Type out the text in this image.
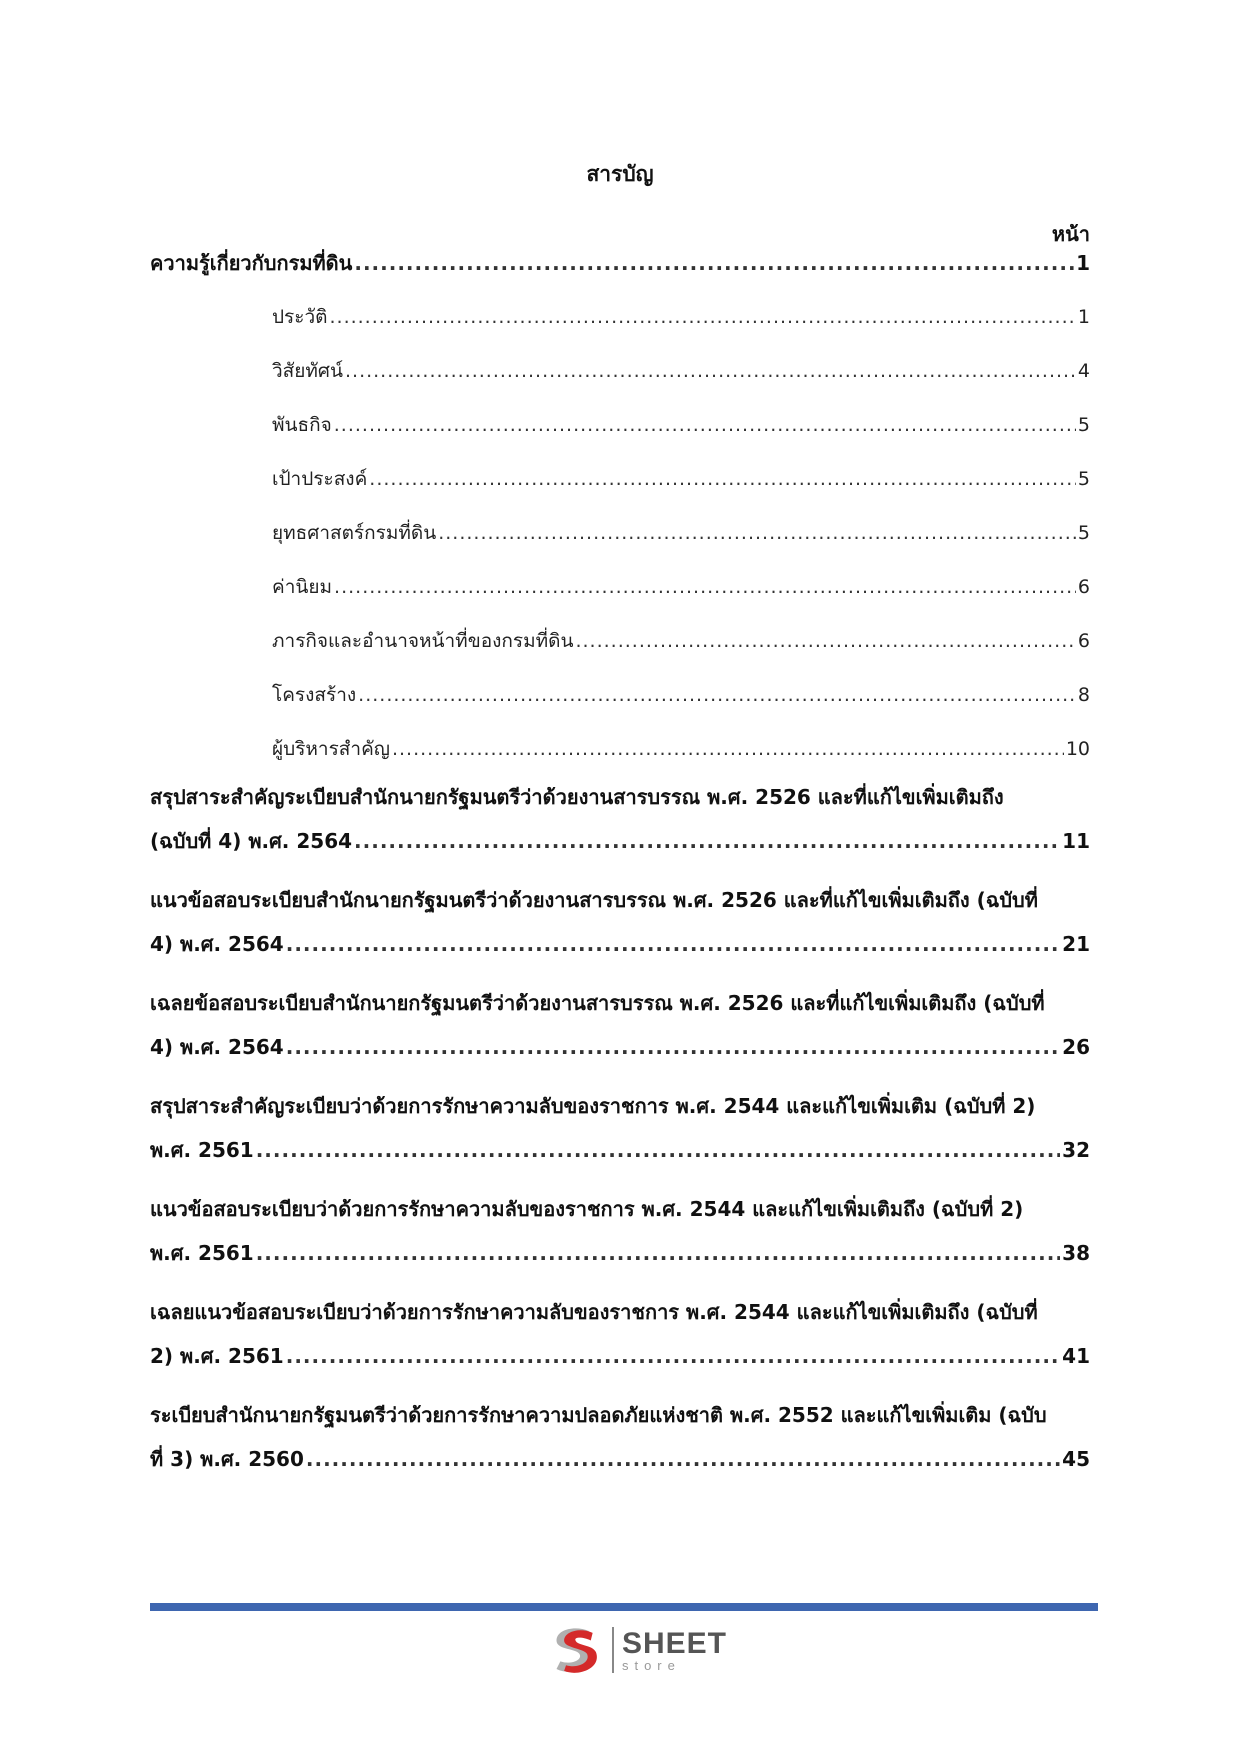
สารบัญ
หน้า
ความรู้เกี่ยวกับกรมที่ดิน .....	1
ประวัติ .....	1
วิสัยทัศน์ .....	4
พันธกิจ .....	5
เป้าประสงค์ .....	5
ยุทธศาสตร์กรมที่ดิน .....	5
ค่านิยม .....	6
ภารกิจและอำนาจหน้าที่ของกรมที่ดิน .....	6
โครงสร้าง .....	8
ผู้บริหารสำคัญ .....	10
สรุปสาระสำคัญระเบียบสำนักนายกรัฐมนตรีว่าด้วยงานสารบรรณ พ.ศ. 2526 และที่แก้ไขเพิ่มเติมถึง
(ฉบับที่ 4) พ.ศ. 2564 .....	11
แนวข้อสอบระเบียบสำนักนายกรัฐมนตรีว่าด้วยงานสารบรรณ พ.ศ. 2526 และที่แก้ไขเพิ่มเติมถึง (ฉบับที่
4) พ.ศ. 2564 .....	21
เฉลยข้อสอบระเบียบสำนักนายกรัฐมนตรีว่าด้วยงานสารบรรณ พ.ศ. 2526 และที่แก้ไขเพิ่มเติมถึง (ฉบับที่
4) พ.ศ. 2564 .....	26
สรุปสาระสำคัญระเบียบว่าด้วยการรักษาความลับของราชการ พ.ศ. 2544 และแก้ไขเพิ่มเติม (ฉบับที่ 2)
พ.ศ. 2561 .....	32
แนวข้อสอบระเบียบว่าด้วยการรักษาความลับของราชการ พ.ศ. 2544 และแก้ไขเพิ่มเติมถึง (ฉบับที่ 2)
พ.ศ. 2561 .....	38
เฉลยแนวข้อสอบระเบียบว่าด้วยการรักษาความลับของราชการ พ.ศ. 2544 และแก้ไขเพิ่มเติมถึง (ฉบับที่
2) พ.ศ. 2561 .....	41
ระเบียบสำนักนายกรัฐมนตรีว่าด้วยการรักษาความปลอดภัยแห่งชาติ พ.ศ. 2552 และแก้ไขเพิ่มเติม (ฉบับ
ที่ 3) พ.ศ. 2560 .....	45
SHEET
store
